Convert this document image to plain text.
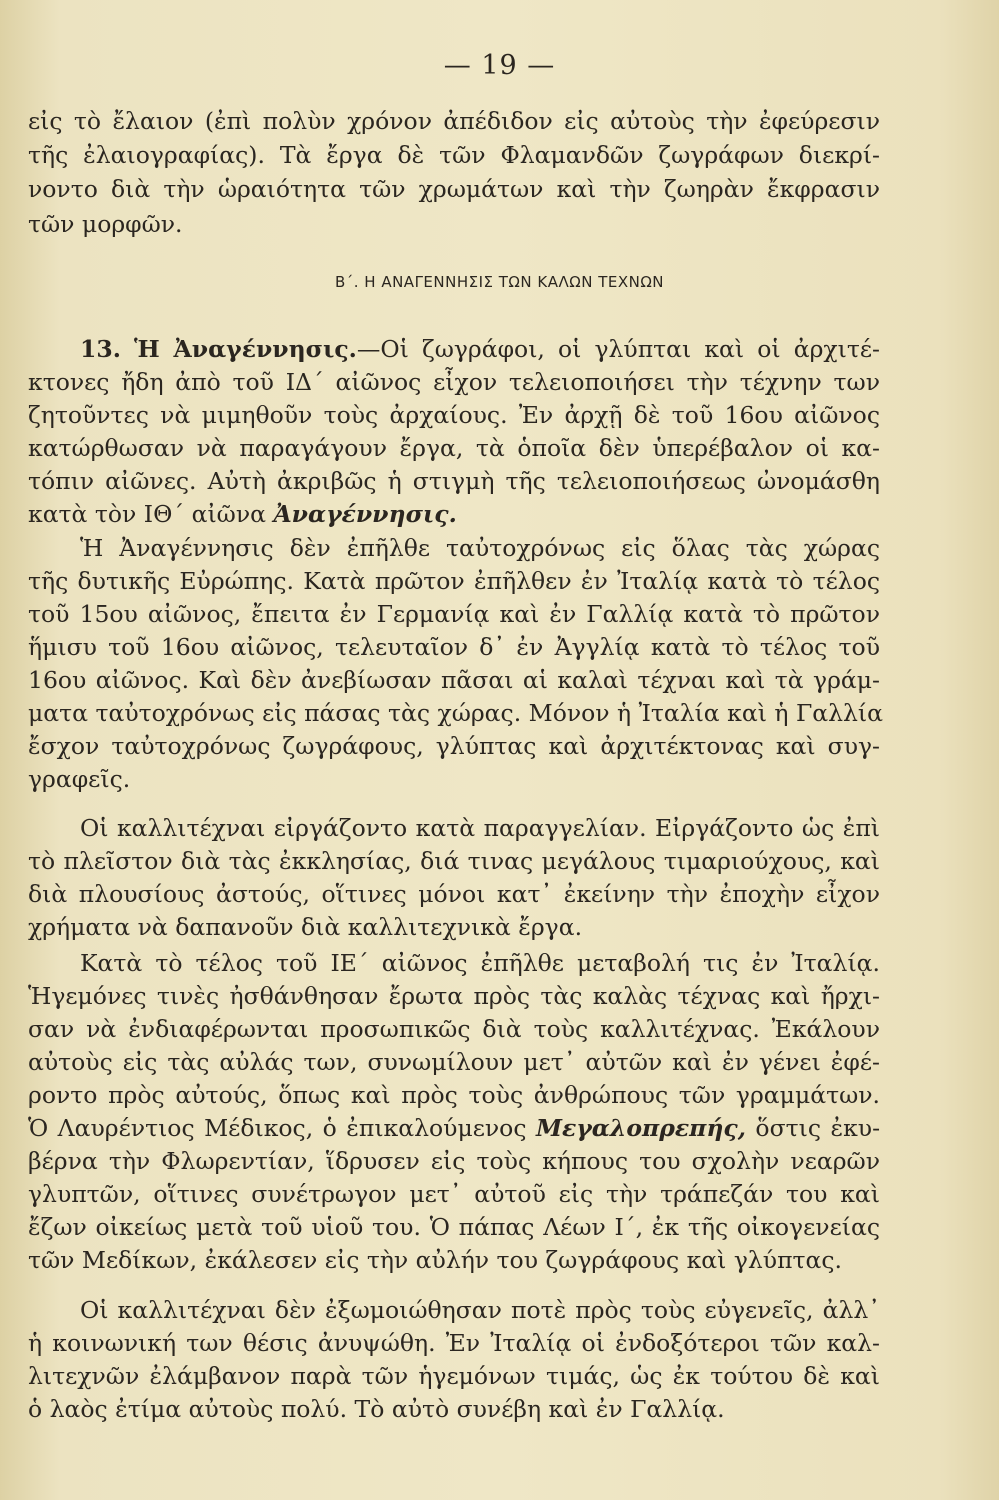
— 19 —
εἰς τὸ ἔλαιον (ἐπὶ πολὺν χρόνον ἀπέδιδον εἰς αὐτοὺς τὴν ἐφεύρεσιν
τῆς ἐλαιογραφίας). Τὰ ἔργα δὲ τῶν Φλαμανδῶν ζωγράφων διεκρί-
νοντο διὰ τὴν ὡραιότητα τῶν χρωμάτων καὶ τὴν ζωηρὰν ἔκφρασιν
τῶν μορφῶν.
Β΄. Η ΑΝΑΓΕΝΝΗΣΙΣ ΤΩΝ ΚΑΛΩΝ ΤΕΧΝΩΝ
13. Ἡ Ἀναγέννησις.—Οἱ ζωγράφοι, οἱ γλύπται καὶ οἱ ἀρχιτέ-
κτονες ἤδη ἀπὸ τοῦ ΙΔ΄ αἰῶνος εἶχον τελειοποιήσει τὴν τέχνην των
ζητοῦντες νὰ μιμηθοῦν τοὺς ἀρχαίους. Ἐν ἀρχῇ δὲ τοῦ 16ου αἰῶνος
κατώρθωσαν νὰ παραγάγουν ἔργα, τὰ ὁποῖα δὲν ὑπερέβαλον οἱ κα-
τόπιν αἰῶνες. Αὐτὴ ἀκριβῶς ἡ στιγμὴ τῆς τελειοποιήσεως ὠνομάσθη
κατὰ τὸν ΙΘ΄ αἰῶνα Ἀναγέννησις.
Ἡ Ἀναγέννησις δὲν ἐπῆλθε ταὐτοχρόνως εἰς ὅλας τὰς χώρας
τῆς δυτικῆς Εὐρώπης. Κατὰ πρῶτον ἐπῆλθεν ἐν Ἰταλίᾳ κατὰ τὸ τέλος
τοῦ 15ου αἰῶνος, ἔπειτα ἐν Γερμανίᾳ καὶ ἐν Γαλλίᾳ κατὰ τὸ πρῶτον
ἥμισυ τοῦ 16ου αἰῶνος, τελευταῖον δ᾽ ἐν Ἀγγλίᾳ κατὰ τὸ τέλος τοῦ
16ου αἰῶνος. Καὶ δὲν ἀνεβίωσαν πᾶσαι αἱ καλαὶ τέχναι καὶ τὰ γράμ-
ματα ταὐτοχρόνως εἰς πάσας τὰς χώρας. Μόνον ἡ Ἰταλία καὶ ἡ Γαλλία
ἔσχον ταὐτοχρόνως ζωγράφους, γλύπτας καὶ ἀρχιτέκτονας καὶ συγ-
γραφεῖς.
Οἱ καλλιτέχναι εἰργάζοντο κατὰ παραγγελίαν. Εἰργάζοντο ὡς ἐπὶ
τὸ πλεῖστον διὰ τὰς ἐκκλησίας, διά τινας μεγάλους τιμαριούχους, καὶ
διὰ πλουσίους ἀστούς, οἵτινες μόνοι κατ᾽ ἐκείνην τὴν ἐποχὴν εἶχον
χρήματα νὰ δαπανοῦν διὰ καλλιτεχνικὰ ἔργα.
Κατὰ τὸ τέλος τοῦ ΙΕ΄ αἰῶνος ἐπῆλθε μεταβολή τις ἐν Ἰταλίᾳ.
Ἡγεμόνες τινὲς ἠσθάνθησαν ἔρωτα πρὸς τὰς καλὰς τέχνας καὶ ἤρχι-
σαν νὰ ἐνδιαφέρωνται προσωπικῶς διὰ τοὺς καλλιτέχνας. Ἐκάλουν
αὐτοὺς εἰς τὰς αὐλάς των, συνωμίλουν μετ᾽ αὐτῶν καὶ ἐν γένει ἐφέ-
ροντο πρὸς αὐτούς, ὅπως καὶ πρὸς τοὺς ἀνθρώπους τῶν γραμμάτων.
Ὁ Λαυρέντιος Μέδικος, ὁ ἐπικαλούμενος Μεγαλοπρεπής, ὅστις ἐκυ-
βέρνα τὴν Φλωρεντίαν, ἵδρυσεν εἰς τοὺς κήπους του σχολὴν νεαρῶν
γλυπτῶν, οἵτινες συνέτρωγον μετ᾽ αὐτοῦ εἰς τὴν τράπεζάν του καὶ
ἔζων οἰκείως μετὰ τοῦ υἱοῦ του. Ὁ πάπας Λέων Ι΄, ἐκ τῆς οἰκογενείας
τῶν Μεδίκων, ἐκάλεσεν εἰς τὴν αὐλήν του ζωγράφους καὶ γλύπτας.
Οἱ καλλιτέχναι δὲν ἐξωμοιώθησαν ποτὲ πρὸς τοὺς εὐγενεῖς, ἀλλ᾽
ἡ κοινωνική των θέσις ἀνυψώθη. Ἐν Ἰταλίᾳ οἱ ἐνδοξότεροι τῶν καλ-
λιτεχνῶν ἐλάμβανον παρὰ τῶν ἡγεμόνων τιμάς, ὡς ἐκ τούτου δὲ καὶ
ὁ λαὸς ἐτίμα αὐτοὺς πολύ. Τὸ αὐτὸ συνέβη καὶ ἐν Γαλλίᾳ.
